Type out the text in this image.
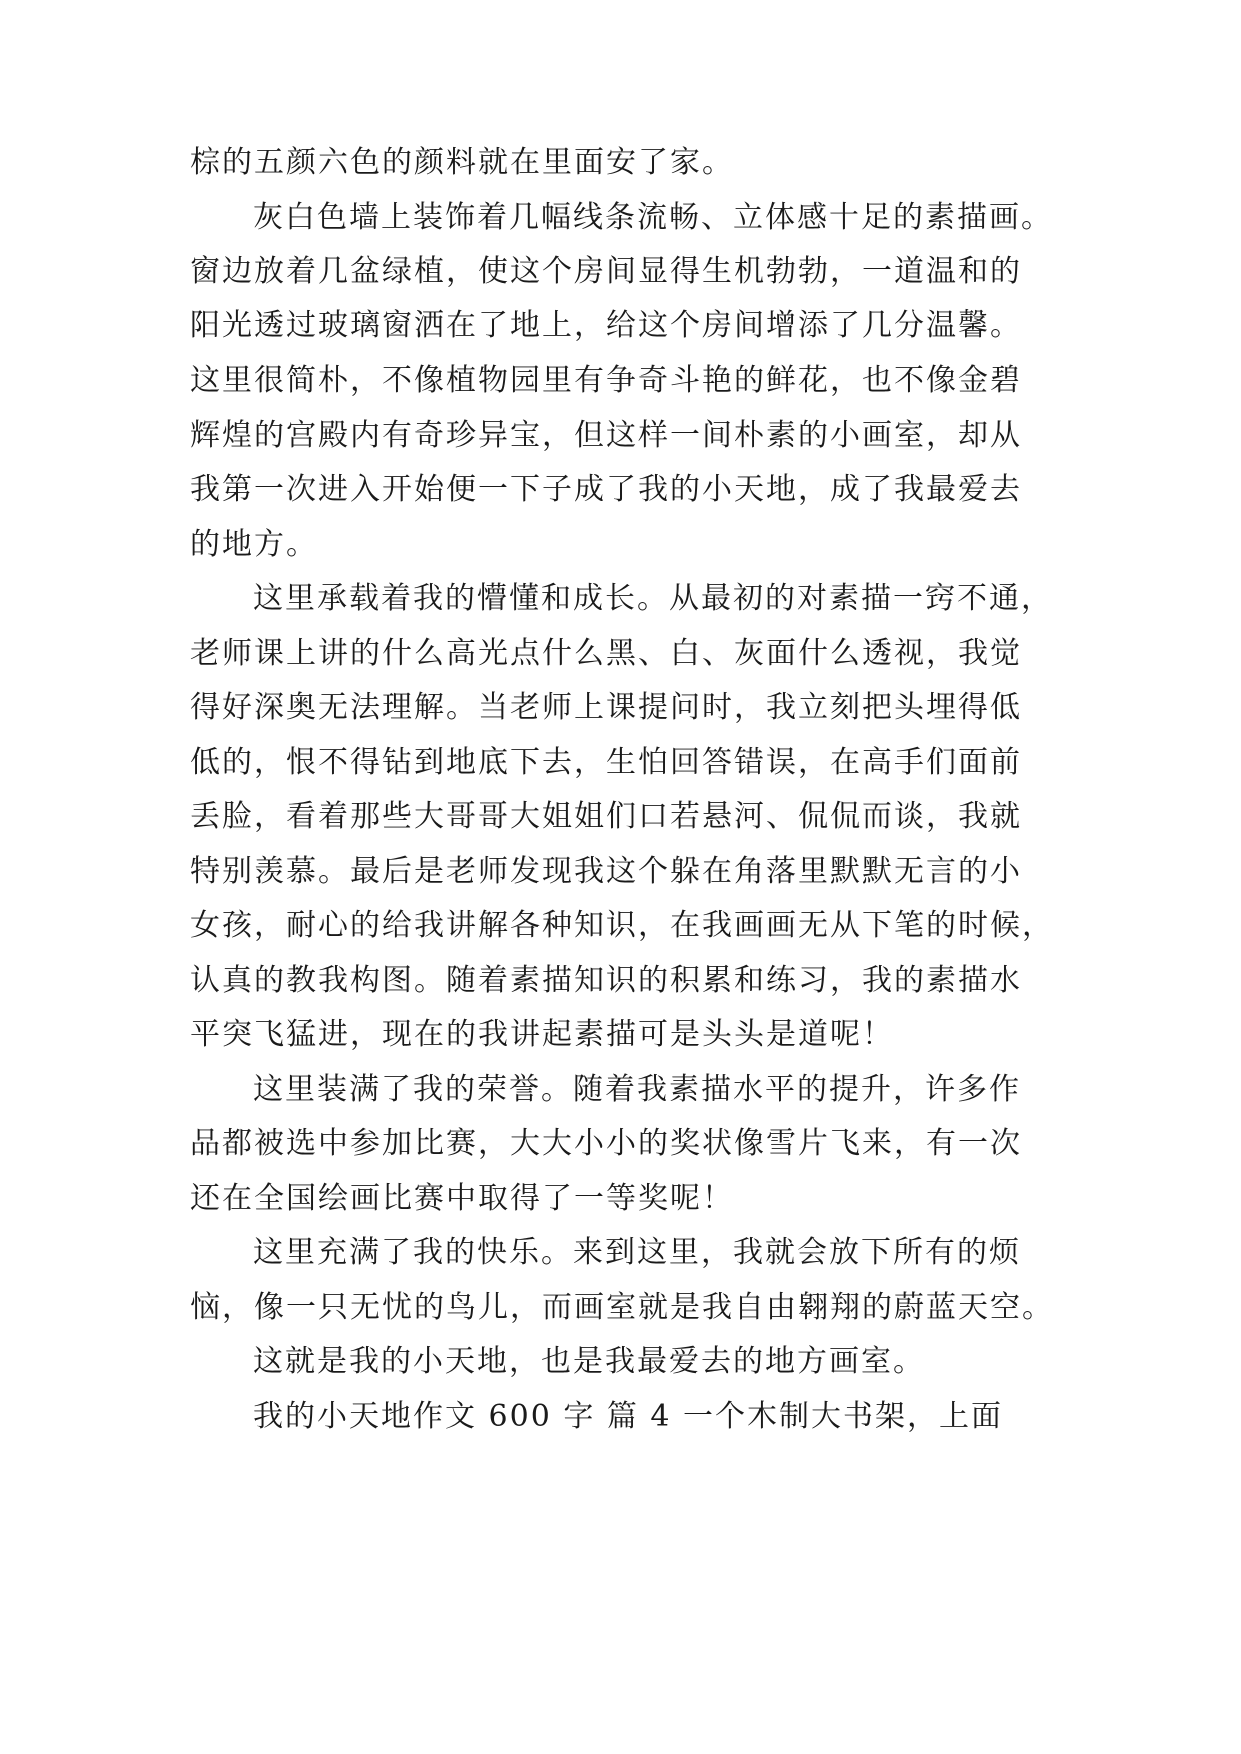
棕的五颜六色的颜料就在里面安了家。
灰白色墙上装饰着几幅线条流畅、立体感十足的素描画。
窗边放着几盆绿植，使这个房间显得生机勃勃，一道温和的
阳光透过玻璃窗洒在了地上，给这个房间增添了几分温馨。
这里很简朴，不像植物园里有争奇斗艳的鲜花，也不像金碧
辉煌的宫殿内有奇珍异宝，但这样一间朴素的小画室，却从
我第一次进入开始便一下子成了我的小天地，成了我最爱去
的地方。
这里承载着我的懵懂和成长。从最初的对素描一窍不通，
老师课上讲的什么高光点什么黑、白、灰面什么透视，我觉
得好深奥无法理解。当老师上课提问时，我立刻把头埋得低
低的，恨不得钻到地底下去，生怕回答错误，在高手们面前
丢脸，看着那些大哥哥大姐姐们口若悬河、侃侃而谈，我就
特别羡慕。最后是老师发现我这个躲在角落里默默无言的小
女孩，耐心的给我讲解各种知识，在我画画无从下笔的时候，
认真的教我构图。随着素描知识的积累和练习，我的素描水
平突飞猛进，现在的我讲起素描可是头头是道呢！
这里装满了我的荣誉。随着我素描水平的提升，许多作
品都被选中参加比赛，大大小小的奖状像雪片飞来，有一次
还在全国绘画比赛中取得了一等奖呢！
这里充满了我的快乐。来到这里，我就会放下所有的烦
恼，像一只无忧的鸟儿，而画室就是我自由翱翔的蔚蓝天空。
这就是我的小天地，也是我最爱去的地方画室。
我的小天地作文 600 字 篇 4 一个木制大书架，上面
